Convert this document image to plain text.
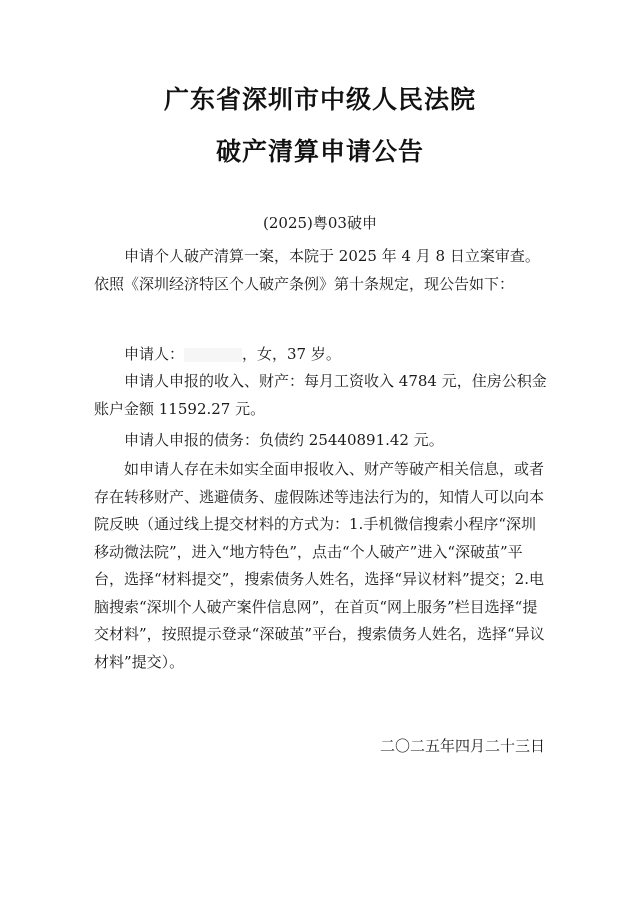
广东省深圳市中级人民法院
破产清算申请公告
(2025)粤03破申
申请个人破产清算一案，本院于 2025 年 4 月 8 日立案审查。依照《深圳经济特区个人破产条例》第十条规定，现公告如下：
申请人：	，女，37 岁。
申请人申报的收入、财产：每月工资收入 4784 元，住房公积金账户金额 11592.27 元。
申请人申报的债务：负债约 25440891.42 元。
如申请人存在未如实全面申报收入、财产等破产相关信息，或者存在转移财产、逃避债务、虚假陈述等违法行为的，知情人可以向本院反映（通过线上提交材料的方式为：1.手机微信搜索小程序“深圳移动微法院”，进入“地方特色”，点击“个人破产”进入“深破茧”平台，选择“材料提交”，搜索债务人姓名，选择“异议材料”提交；2.电脑搜索“深圳个人破产案件信息网”，在首页“网上服务”栏目选择“提交材料”，按照提示登录“深破茧”平台，搜索债务人姓名，选择“异议材料”提交）。
二〇二五年四月二十三日
